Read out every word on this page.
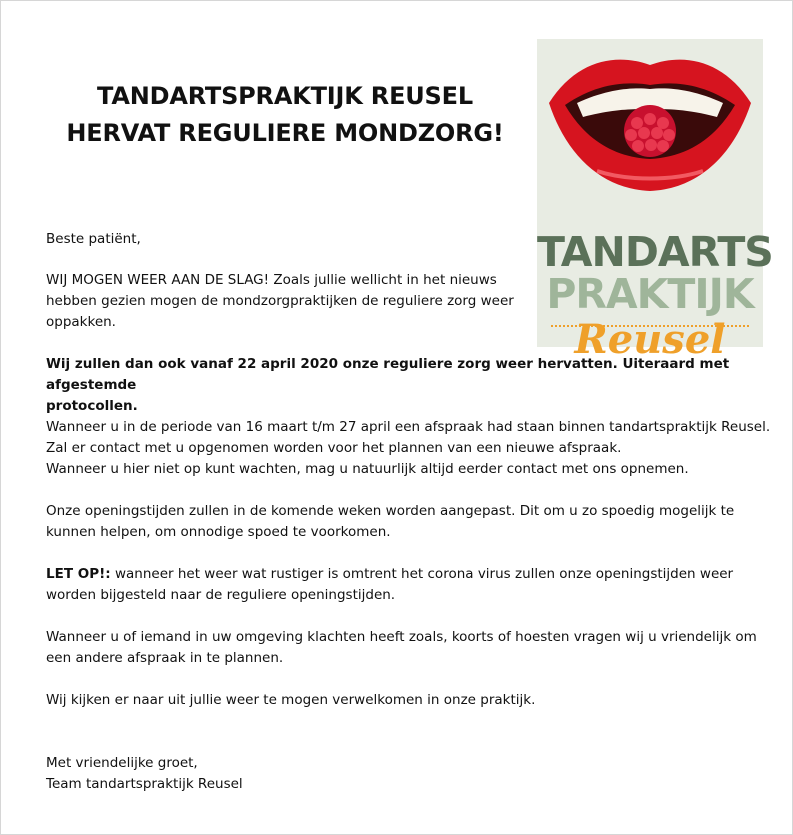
TANDARTSPRAKTIJK REUSEL
HERVAT REGULIERE MONDZORG!
TANDARTS
PRAKTIJK
Reusel
Beste patiënt,
WIJ MOGEN WEER AAN DE SLAG! Zoals jullie wellicht in het nieuws
hebben gezien mogen de mondzorgpraktijken de reguliere zorg weer
oppakken.
Wij zullen dan ook vanaf 22 april 2020 onze reguliere zorg weer hervatten. Uiteraard met afgestemde
protocollen.
Wanneer u in de periode van 16 maart t/m 27 april een afspraak had staan binnen tandartspraktijk Reusel.
Zal er contact met u opgenomen worden voor het plannen van een nieuwe afspraak.
Wanneer u hier niet op kunt wachten, mag u natuurlijk altijd eerder contact met ons opnemen.
Onze openingstijden zullen in de komende weken worden aangepast. Dit om u zo spoedig mogelijk te
kunnen helpen, om onnodige spoed te voorkomen.
LET OP!: wanneer het weer wat rustiger is omtrent het corona virus zullen onze openingstijden weer
worden bijgesteld naar de reguliere openingstijden.
Wanneer u of iemand in uw omgeving klachten heeft zoals, koorts of hoesten vragen wij u vriendelijk om
een andere afspraak in te plannen.
Wij kijken er naar uit jullie weer te mogen verwelkomen in onze praktijk.
Met vriendelijke groet,
Team tandartspraktijk Reusel
